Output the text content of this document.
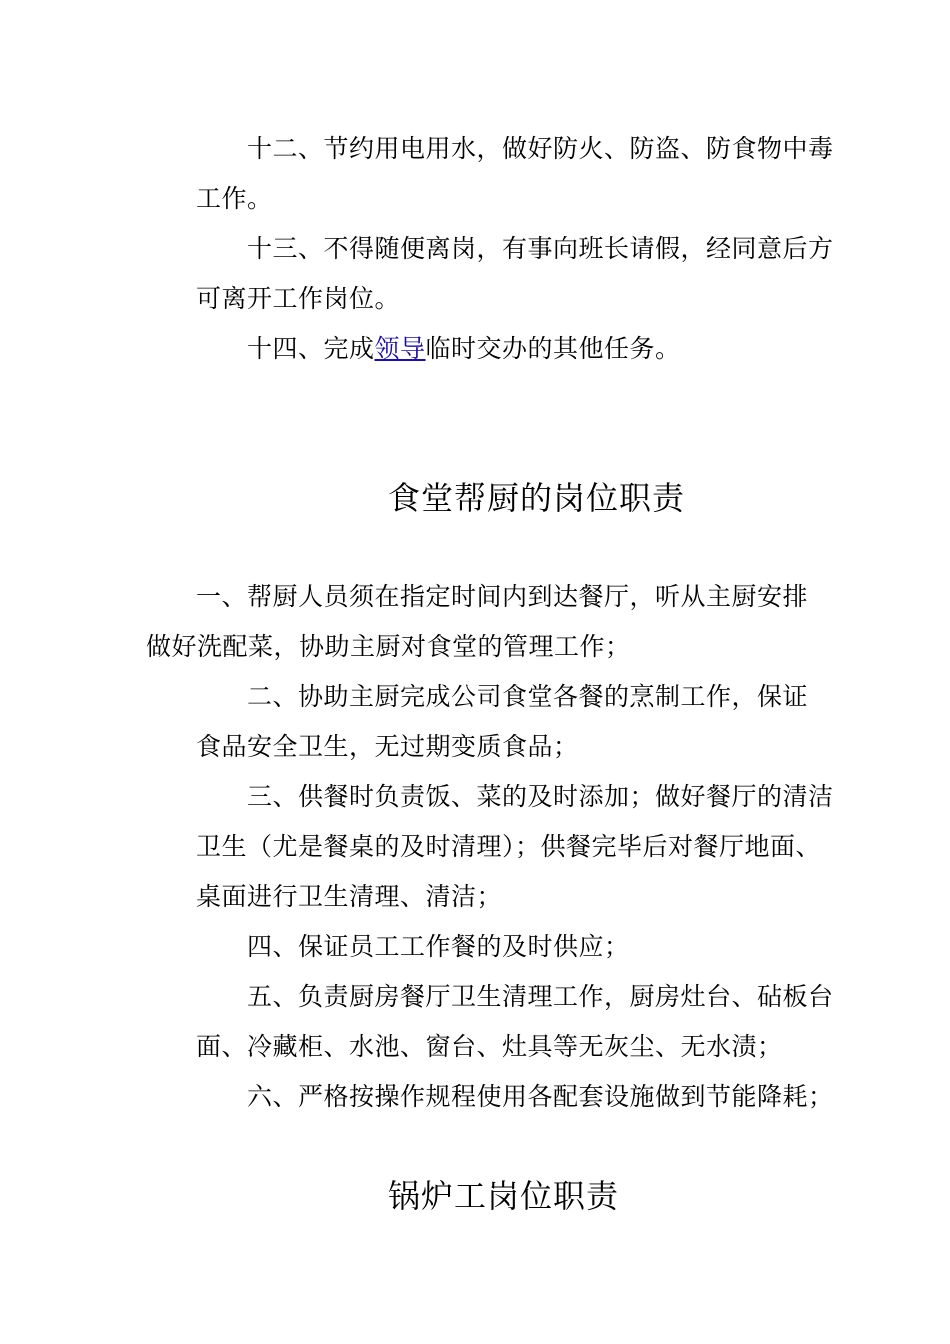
十二、节约用电用水，做好防火、防盗、防食物中毒
工作。
十三、不得随便离岗，有事向班长请假，经同意后方
可离开工作岗位。
十四、完成领导临时交办的其他任务。
食堂帮厨的岗位职责
一、帮厨人员须在指定时间内到达餐厅，听从主厨安排
做好洗配菜，协助主厨对食堂的管理工作；
二、协助主厨完成公司食堂各餐的烹制工作，保证
食品安全卫生，无过期变质食品；
三、供餐时负责饭、菜的及时添加；做好餐厅的清洁
卫生（尤是餐桌的及时清理）；供餐完毕后对餐厅地面、
桌面进行卫生清理、清洁；
四、保证员工工作餐的及时供应；
五、负责厨房餐厅卫生清理工作，厨房灶台、砧板台
面、冷藏柜、水池、窗台、灶具等无灰尘、无水渍；
六、严格按操作规程使用各配套设施做到节能降耗；
锅炉工岗位职责
